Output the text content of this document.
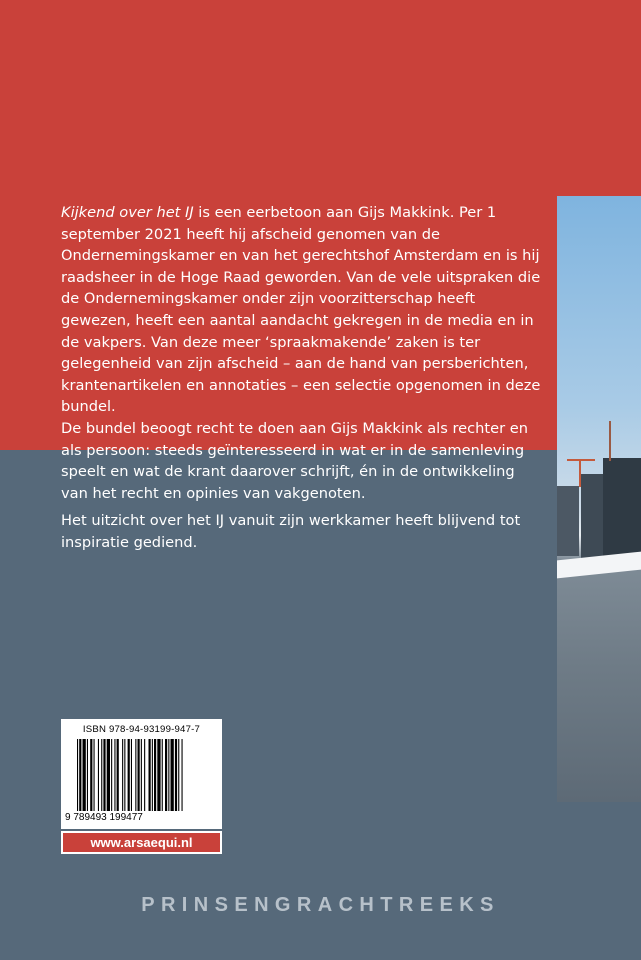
Kijkend over het IJ is een eerbetoon aan Gijs Makkink. Per 1 september 2021 heeft hij afscheid genomen van de Ondernemingskamer en van het gerechtshof Amsterdam en is hij raadsheer in de Hoge Raad geworden. Van de vele uitspraken die de Ondernemingskamer onder zijn voorzitterschap heeft gewezen, heeft een aantal aandacht gekregen in de media en in de vakpers. Van deze meer ‘spraakmakende’ zaken is ter gelegenheid van zijn afscheid – aan de hand van persberichten, krantenartikelen en annotaties – een selectie opgenomen in deze bundel.

De bundel beoogt recht te doen aan Gijs Makkink als rechter en als persoon: steeds geïnteresseerd in wat er in de samenleving speelt en wat de krant daarover schrijft, én in de ontwikkeling van het recht en opinies van vakgenoten.

Het uitzicht over het IJ vanuit zijn werkkamer heeft blijvend tot inspiratie gediend.

ISBN 978-94-93199-947-7
9 789493 199477
www.arsaequi.nl
PRINSENGRACHTREEKS
